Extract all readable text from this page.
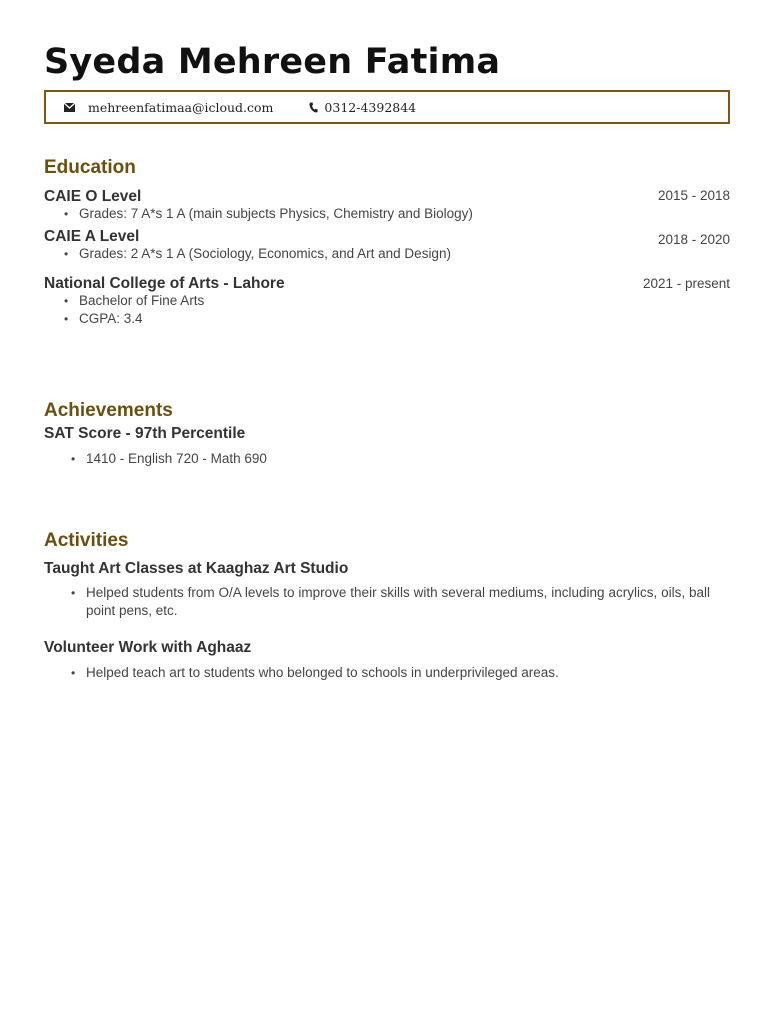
Syeda Mehreen Fatima
mehreenfatimaa@icloud.com	0312-4392844
Education
CAIE O Level	2015 - 2018
• Grades: 7 A*s 1 A (main subjects Physics, Chemistry and Biology)
CAIE A Level	2018 - 2020
• Grades: 2 A*s 1 A (Sociology, Economics, and Art and Design)
National College of Arts - Lahore	2021 - present
• Bachelor of Fine Arts
• CGPA: 3.4
Achievements
SAT Score - 97th Percentile
• 1410 - English 720 - Math 690
Activities
Taught Art Classes at Kaaghaz Art Studio
• Helped students from O/A levels to improve their skills with several mediums, including acrylics, oils, ball point pens, etc.
Volunteer Work with Aghaaz
• Helped teach art to students who belonged to schools in underprivileged areas.
